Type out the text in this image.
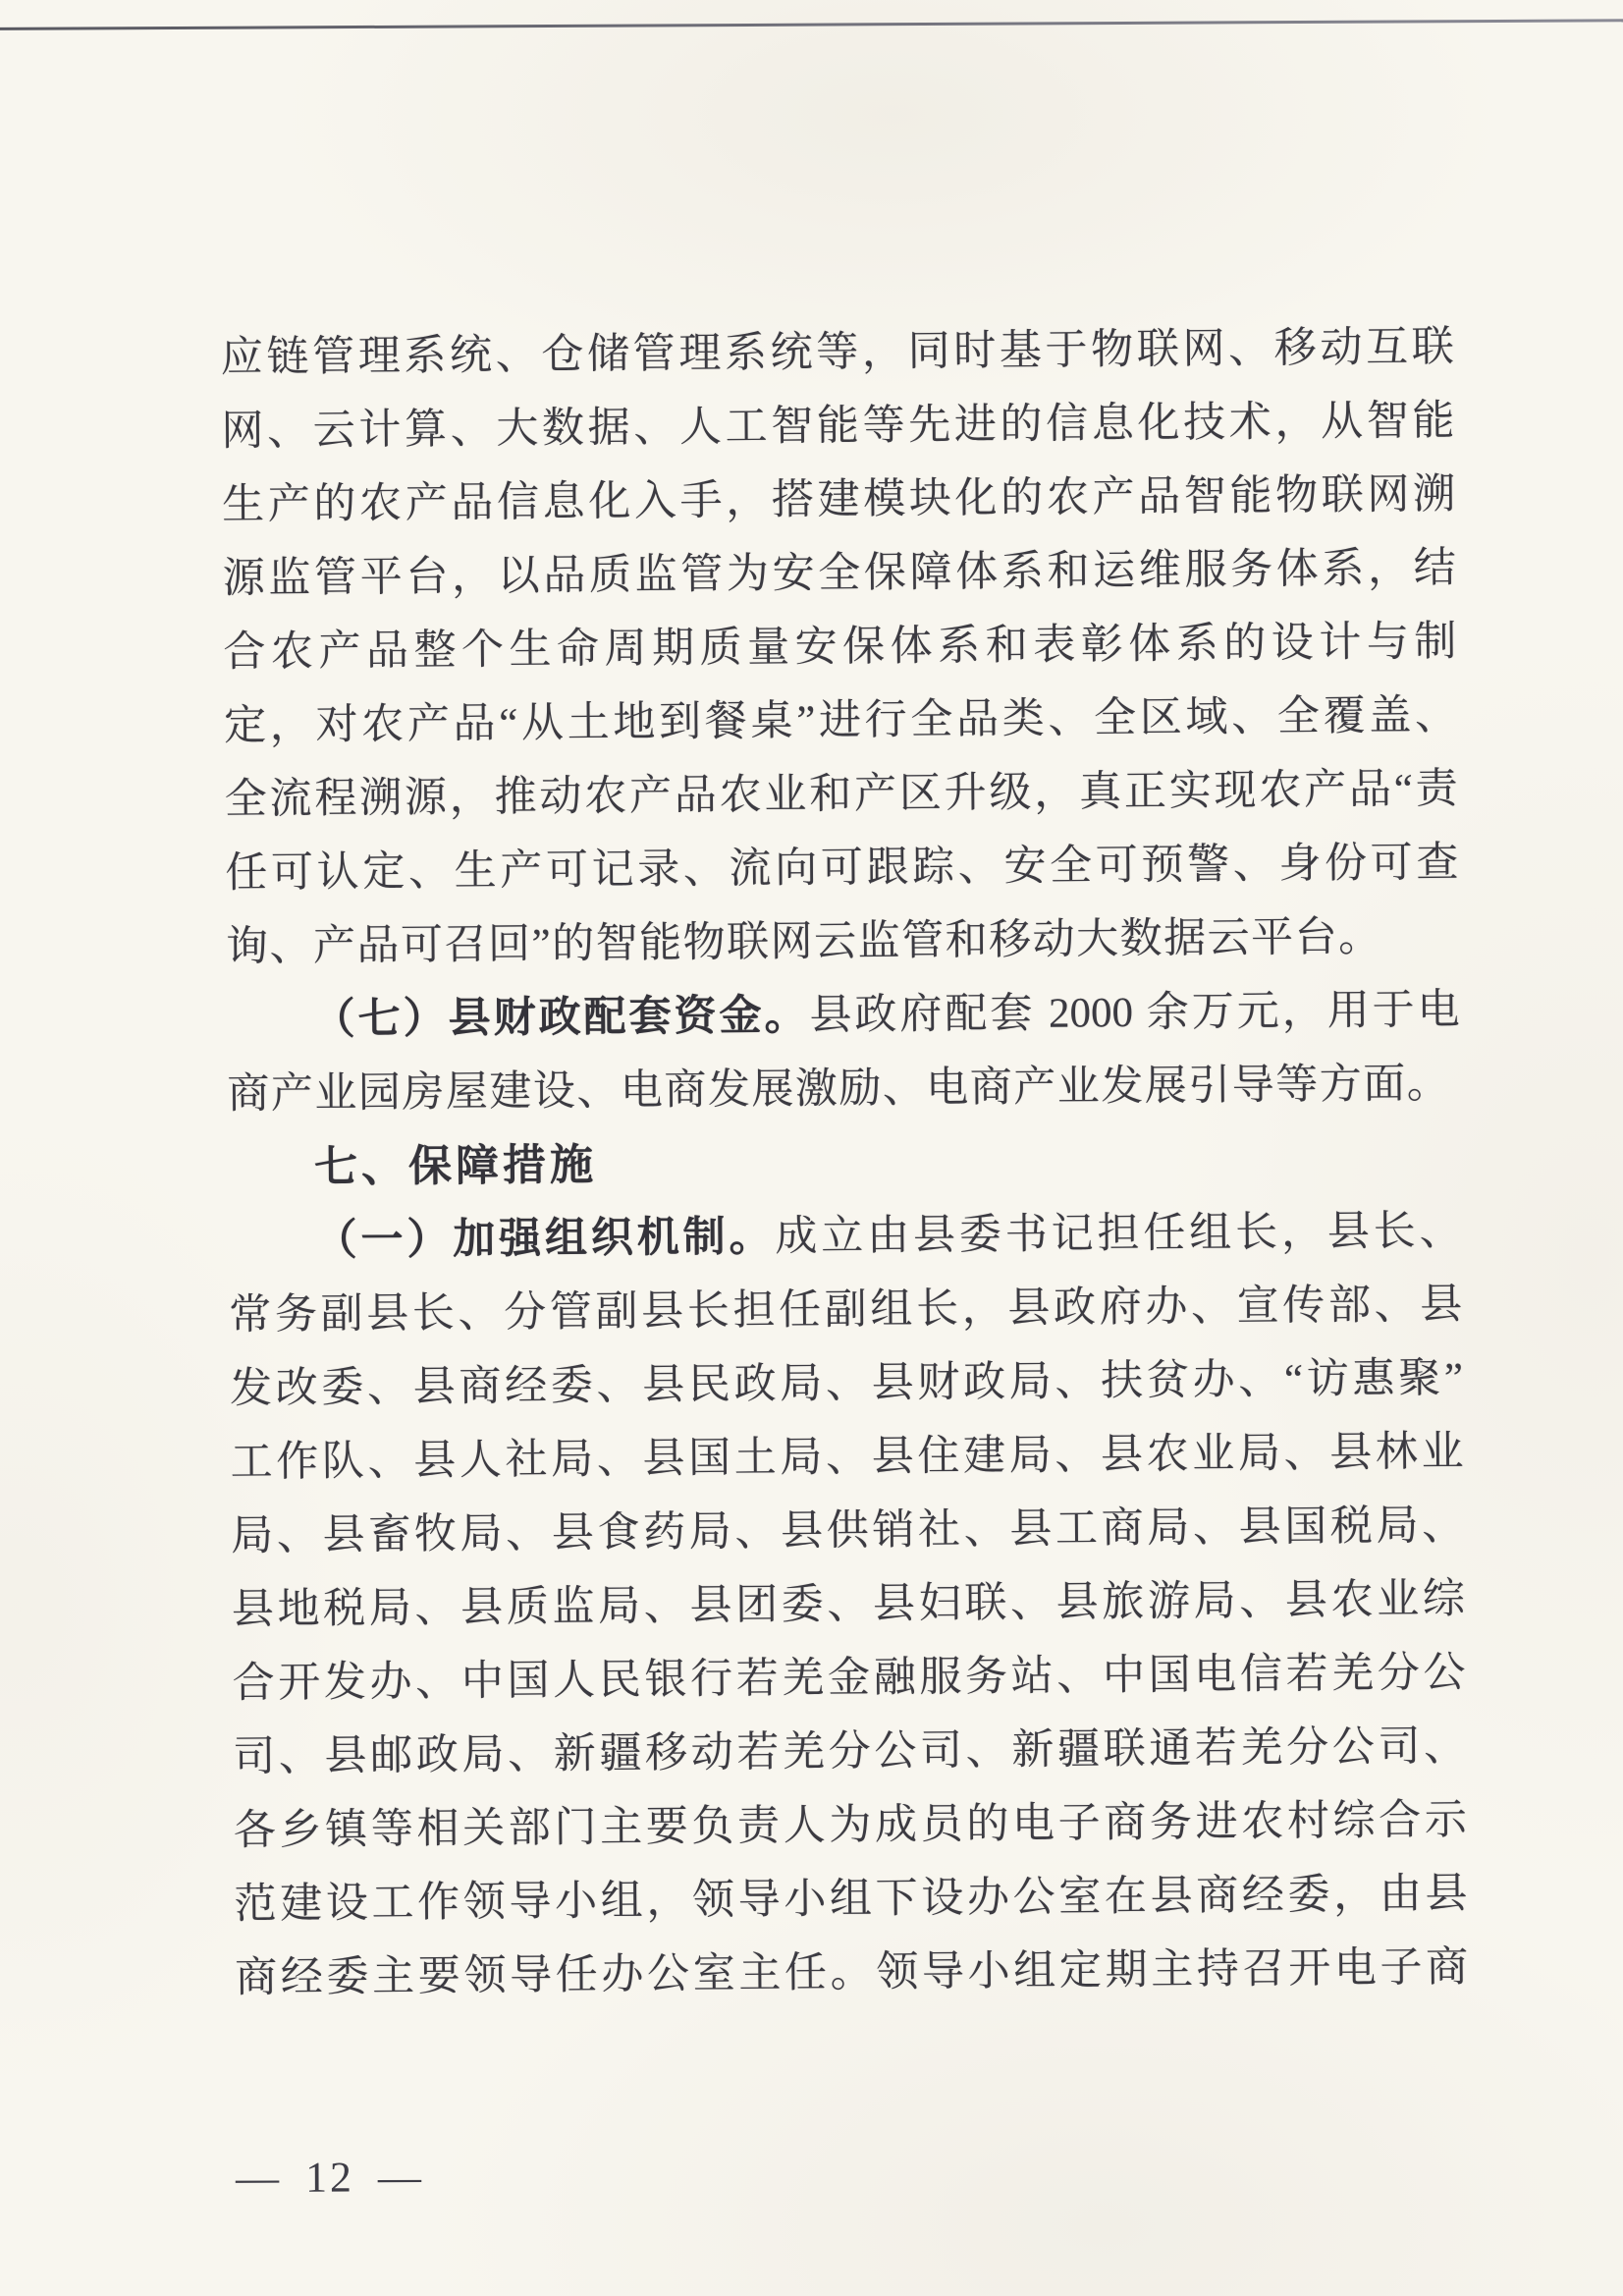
应链管理系统、仓储管理系统等，同时基于物联网、移动互联
网、云计算、大数据、人工智能等先进的信息化技术，从智能
生产的农产品信息化入手，搭建模块化的农产品智能物联网溯
源监管平台，以品质监管为安全保障体系和运维服务体系，结
合农产品整个生命周期质量安保体系和表彰体系的设计与制
定，对农产品“从土地到餐桌”进行全品类、全区域、全覆盖、
全流程溯源，推动农产品农业和产区升级，真正实现农产品“责
任可认定、生产可记录、流向可跟踪、安全可预警、身份可查
询、产品可召回”的智能物联网云监管和移动大数据云平台。
（七）县财政配套资金。县政府配套 2000 余万元，用于电
商产业园房屋建设、电商发展激励、电商产业发展引导等方面。
七、保障措施
（一）加强组织机制。成立由县委书记担任组长，县长、
常务副县长、分管副县长担任副组长，县政府办、宣传部、县
发改委、县商经委、县民政局、县财政局、扶贫办、“访惠聚”
工作队、县人社局、县国土局、县住建局、县农业局、县林业
局、县畜牧局、县食药局、县供销社、县工商局、县国税局、
县地税局、县质监局、县团委、县妇联、县旅游局、县农业综
合开发办、中国人民银行若羌金融服务站、中国电信若羌分公
司、县邮政局、新疆移动若羌分公司、新疆联通若羌分公司、
各乡镇等相关部门主要负责人为成员的电子商务进农村综合示
范建设工作领导小组，领导小组下设办公室在县商经委，由县
商经委主要领导任办公室主任。领导小组定期主持召开电子商
— 12 —
